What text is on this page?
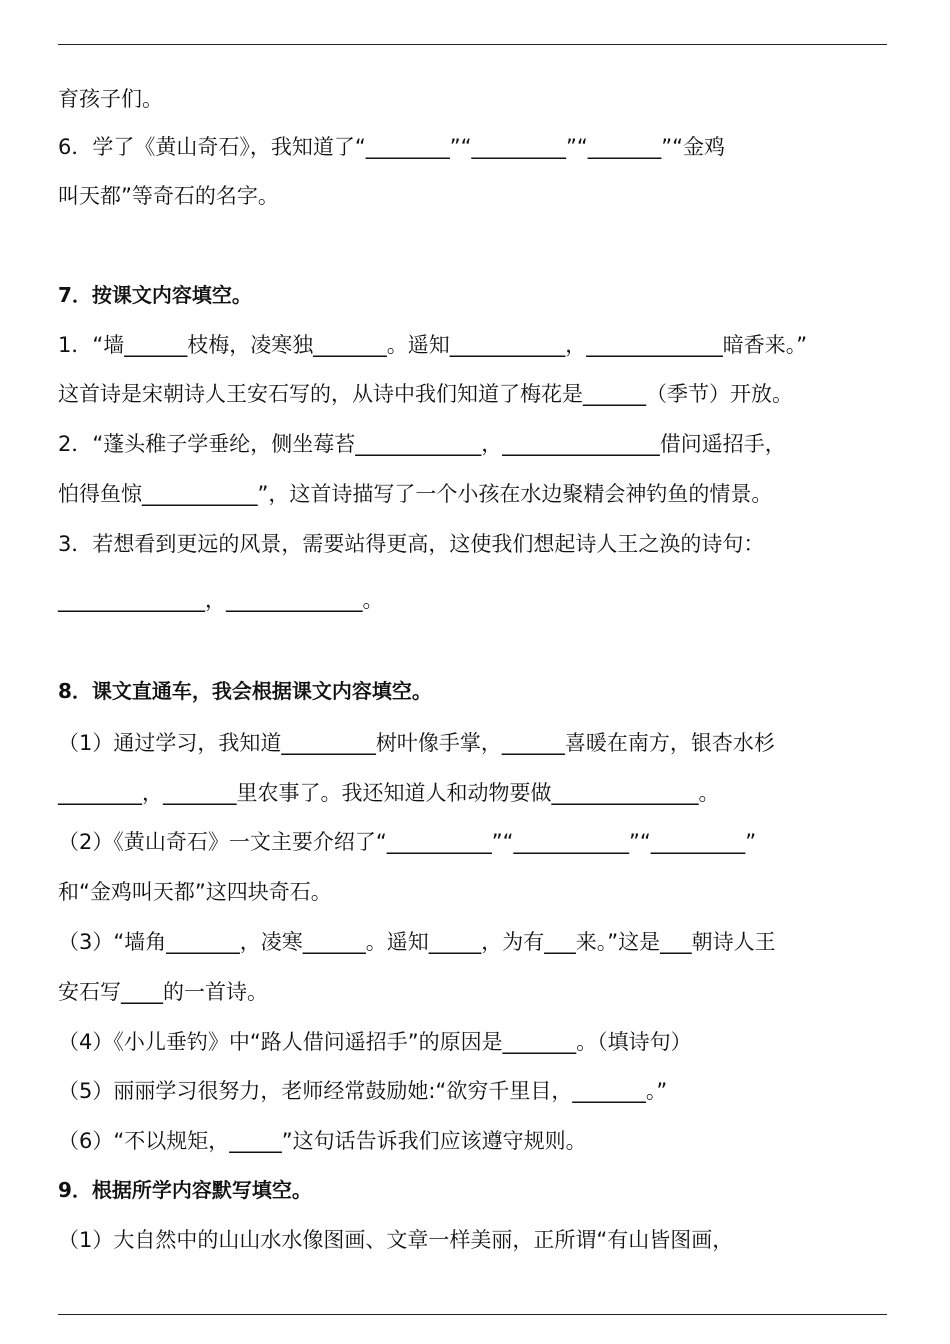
育孩子们。
6．学了《黄山奇石》，我知道了“________”“_________”“_______”“金鸡
叫天都”等奇石的名字。
7．按课文内容填空。
1．“墙______枝梅，凌寒独_______。遥知___________，_____________暗香来。”
这首诗是宋朝诗人王安石写的，从诗中我们知道了梅花是______（季节）开放。
2．“蓬头稚子学垂纶，侧坐莓苔____________，_______________借问遥招手，
怕得鱼惊___________”，这首诗描写了一个小孩在水边聚精会神钓鱼的情景。
3．若想看到更远的风景，需要站得更高，这使我们想起诗人王之涣的诗句：
______________，_____________。
8．课文直通车，我会根据课文内容填空。
（1）通过学习，我知道_________树叶像手掌，______喜暖在南方，银杏水杉
________，_______里农事了。我还知道人和动物要做______________。
（2）《黄山奇石》一文主要介绍了“__________”“___________”“_________”
和“金鸡叫天都”这四块奇石。
（3）“墙角_______，凌寒______。遥知_____，为有___来。”这是___朝诗人王
安石写____的一首诗。
（4）《小儿垂钓》中“路人借问遥招手”的原因是_______。（填诗句）
（5）丽丽学习很努力，老师经常鼓励她:“欲穷千里目，_______。”
（6）“不以规矩，_____”这句话告诉我们应该遵守规则。
9．根据所学内容默写填空。
（1）大自然中的山山水水像图画、文章一样美丽，正所谓“有山皆图画，
